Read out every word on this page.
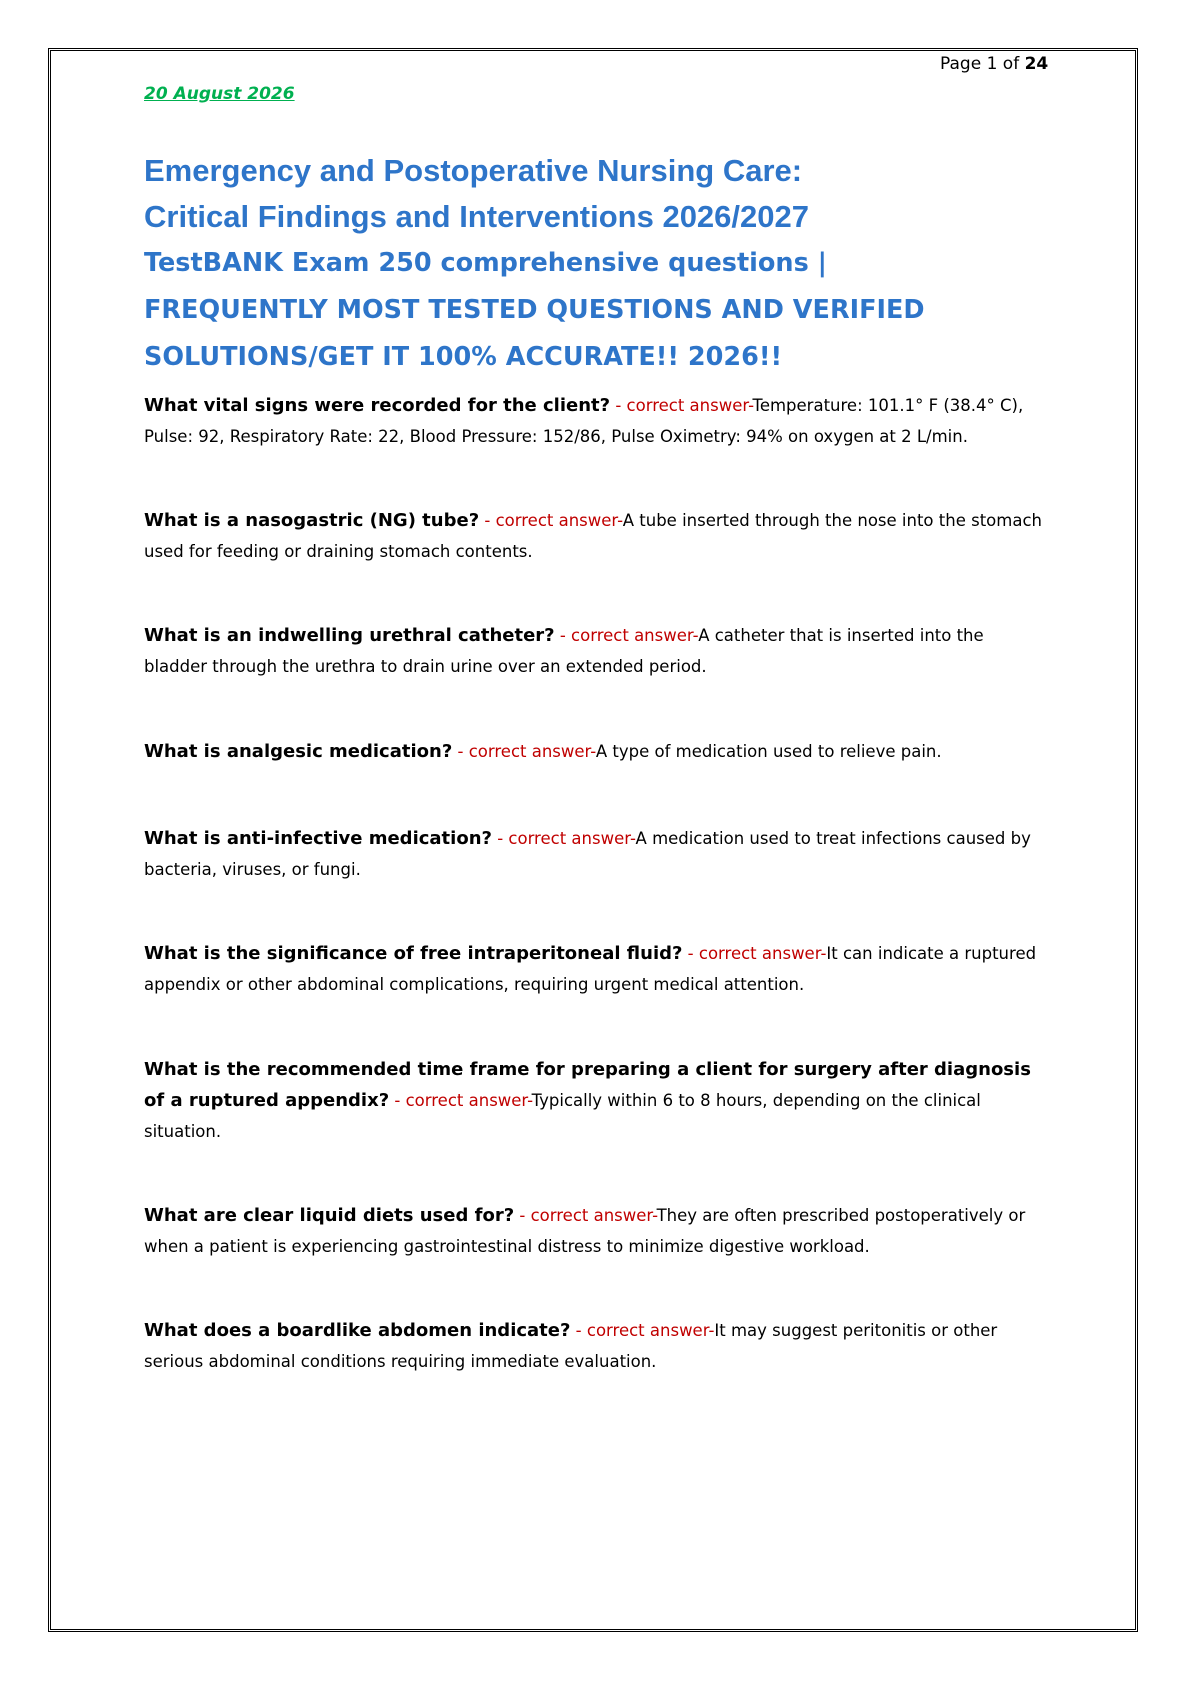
Page 1 of 24
20 August 2026

Emergency and Postoperative Nursing Care:

Critical Findings and Interventions 2026/2027

TestBANK Exam 250 comprehensive questions |

FREQUENTLY MOST TESTED QUESTIONS AND VERIFIED

SOLUTIONS/GET IT 100% ACCURATE!! 2026!!

What vital signs were recorded for the client? - correct answer-Temperature: 101.1° F (38.4° C), Pulse: 92, Respiratory Rate: 22, Blood Pressure: 152/86, Pulse Oximetry: 94% on oxygen at 2 L/min.
What is a nasogastric (NG) tube? - correct answer-A tube inserted through the nose into the stomach used for feeding or draining stomach contents.
What is an indwelling urethral catheter? - correct answer-A catheter that is inserted into the bladder through the urethra to drain urine over an extended period.
What is analgesic medication? - correct answer-A type of medication used to relieve pain.
What is anti-infective medication? - correct answer-A medication used to treat infections caused by bacteria, viruses, or fungi.
What is the significance of free intraperitoneal fluid? - correct answer-It can indicate a ruptured appendix or other abdominal complications, requiring urgent medical attention.
What is the recommended time frame for preparing a client for surgery after diagnosis of a ruptured appendix? - correct answer-Typically within 6 to 8 hours, depending on the clinical situation.
What are clear liquid diets used for? - correct answer-They are often prescribed postoperatively or when a patient is experiencing gastrointestinal distress to minimize digestive workload.
What does a boardlike abdomen indicate? - correct answer-It may suggest peritonitis or other serious abdominal conditions requiring immediate evaluation.
